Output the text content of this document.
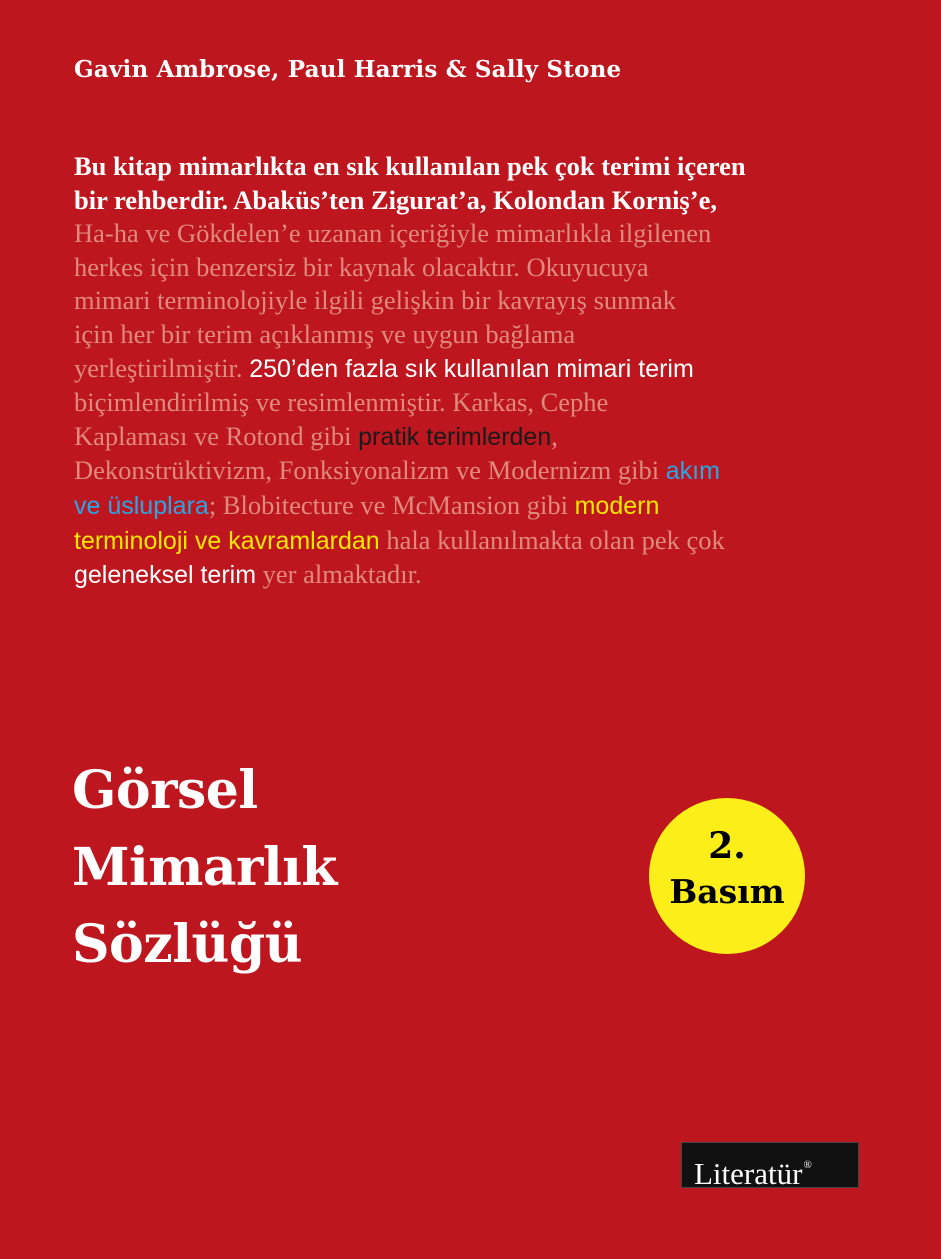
Gavin Ambrose, Paul Harris & Sally Stone
Bu kitap mimarlıkta en sık kullanılan pek çok terimi içeren
bir rehberdir. Abaküs’ten Zigurat’a, Kolondan Korniş’e,
Ha-ha ve Gökdelen’e uzanan içeriğiyle mimarlıkla ilgilenen
herkes için benzersiz bir kaynak olacaktır. Okuyucuya
mimari terminolojiyle ilgili gelişkin bir kavrayış sunmak
için her bir terim açıklanmış ve uygun bağlama
yerleştirilmiştir. 250’den fazla sık kullanılan mimari terim
biçimlendirilmiş ve resimlenmiştir. Karkas, Cephe
Kaplaması ve Rotond gibi pratik terimlerden,
Dekonstrüktivizm, Fonksiyonalizm ve Modernizm gibi akım
ve üsluplara; Blobitecture ve McMansion gibi modern
terminoloji ve kavramlardan hala kullanılmakta olan pek çok
geleneksel terim yer almaktadır.
Görsel
Mimarlık
Sözlüğü
2.
Basım
Literatür®
